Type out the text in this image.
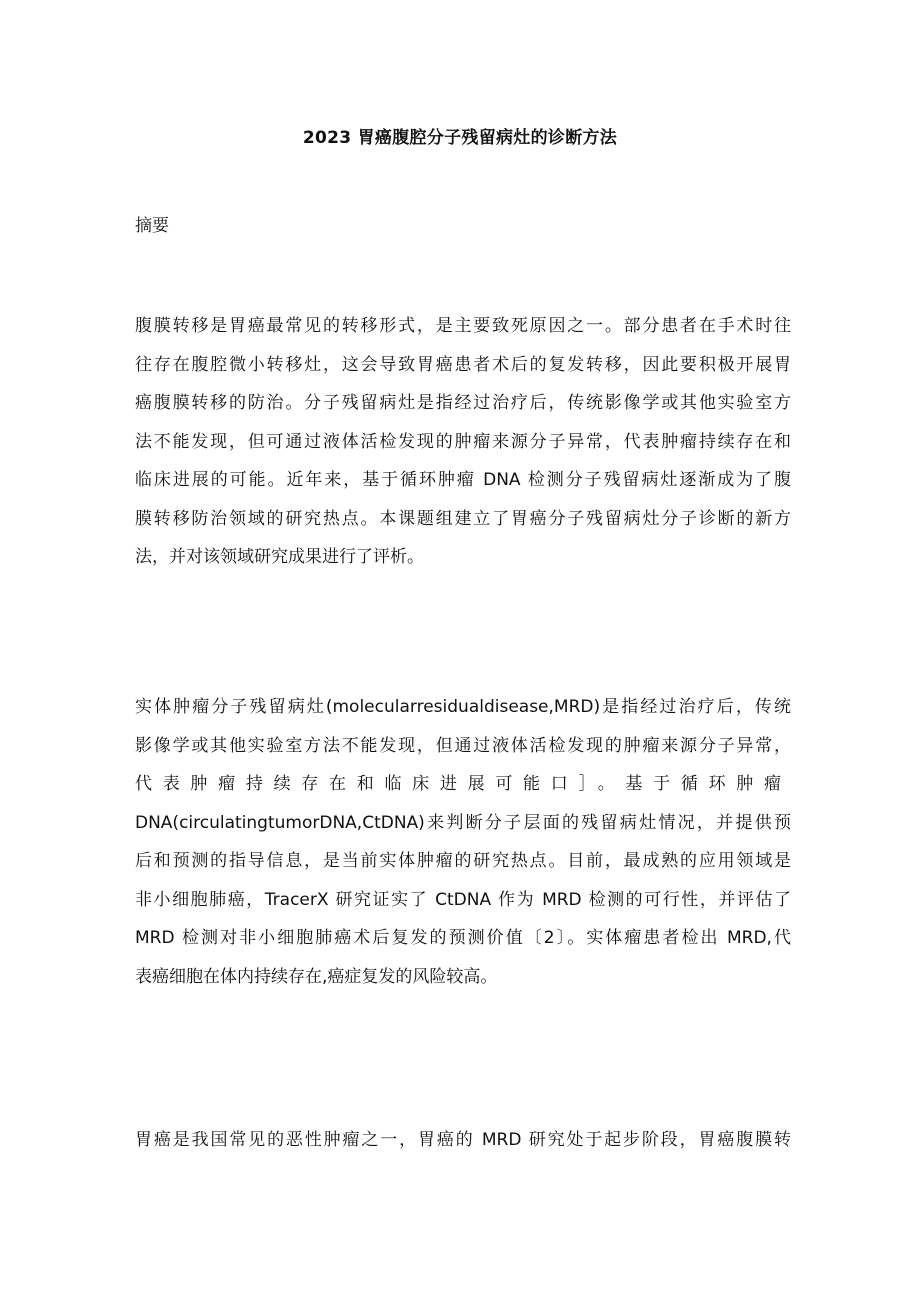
2023 胃癌腹腔分子残留病灶的诊断方法
摘要
腹膜转移是胃癌最常见的转移形式，是主要致死原因之一。部分患者在手术时往
往存在腹腔微小转移灶，这会导致胃癌患者术后的复发转移，因此要积极开展胃
癌腹膜转移的防治。分子残留病灶是指经过治疗后，传统影像学或其他实验室方
法不能发现，但可通过液体活检发现的肿瘤来源分子异常，代表肿瘤持续存在和
临床进展的可能。近年来，基于循环肿瘤 DNA 检测分子残留病灶逐渐成为了腹
膜转移防治领域的研究热点。本课题组建立了胃癌分子残留病灶分子诊断的新方
法，并对该领域研究成果进行了评析。
实体肿瘤分子残留病灶(molecularresidualdisease,MRD)是指经过治疗后，传统
影像学或其他实验室方法不能发现，但通过液体活检发现的肿瘤来源分子异常，
代表肿瘤持续存在和临床进展可能口］。基于循环肿瘤
DNA(circulatingtumorDNA,CtDNA)来判断分子层面的残留病灶情况，并提供预
后和预测的指导信息，是当前实体肿瘤的研究热点。目前，最成熟的应用领域是
非小细胞肺癌，TracerX 研究证实了 CtDNA 作为 MRD 检测的可行性，并评估了
MRD 检测对非小细胞肺癌术后复发的预测价值〔2〕。实体瘤患者检出 MRD,代
表癌细胞在体内持续存在,癌症复发的风险较高。
胃癌是我国常见的恶性肿瘤之一，胃癌的 MRD 研究处于起步阶段，胃癌腹膜转
